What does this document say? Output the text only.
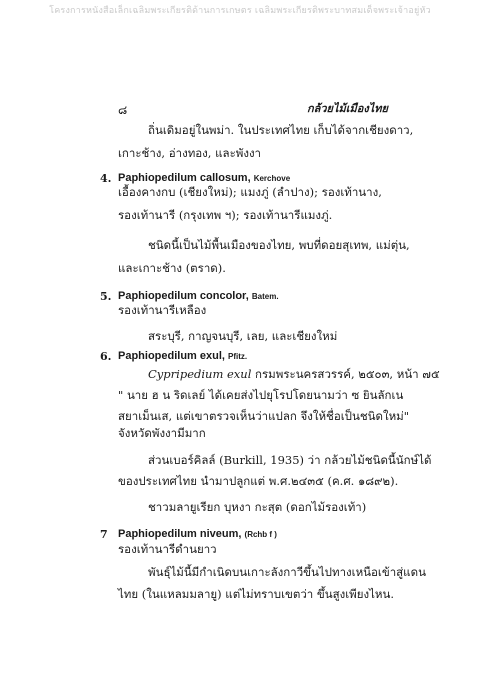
โครงการหนังสือเล็กเฉลิมพระเกียรติด้านการเกษตร เฉลิมพระเกียรติพระบาทสมเด็จพระเจ้าอยู่หัว
๘	กล้วยไม้เมืองไทย
ถิ่นเดิมอยู่ในพม่า. ในประเทศไทย เก็บได้จากเชียงดาว,
เกาะช้าง, อ่างทอง, และพังงา
4. Paphiopedilum callosum, Kerchove
เอื้องคางกบ (เชียงใหม่); แมงภู่ (ลำปาง); รองเท้านาง,
รองเท้านารี (กรุงเทพ ฯ); รองเท้านารีแมงภู่.
ชนิดนี้เป็นไม้พื้นเมืองของไทย, พบที่ดอยสุเทพ, แม่ตุ่น,
และเกาะช้าง (ตราด).
5. Paphiopedilum concolor, Batem.
รองเท้านารีเหลือง
สระบุรี, กาญจนบุรี, เลย, และเชียงใหม่
6. Paphiopedilum exul, Pfitz.
Cypripedium exul กรมพระนครสวรรค์, ๒๕๐๓, หน้า ๗๕
" นาย ฮ น ริดเลย์ ได้เคยส่งไปยุโรปโดยนามว่า ซ ยินลักเน
สยาเม็นเส, แต่เขาตรวจเห็นว่าแปลก จึงให้ชื่อเป็นชนิดใหม่"
จังหวัดพังงามีมาก
ส่วนเบอร์คิลล์ (Burkill, 1935) ว่า กล้วยไม้ชนิดนี้นักษ์ได้
ของประเทศไทย นำมาปลูกแต่ พ.ศ.๒๔๓๕ (ค.ศ. ๑๘๙๒).
ชาวมลายูเรียก บุหงา กะสุต (ดอกไม้รองเท้า)
7 Paphiopedilum niveum, (Rchb f )
รองเท้านารีดำนยาว
พันธุ์ไม้นี้มีกำเนิดบนเกาะลังกาวีขึ้นไปทางเหนือเข้าสู่แดน
ไทย (ในแหลมมลายู) แต่ไม่ทราบเขตว่า ขึ้นสูงเพียงไหน.
